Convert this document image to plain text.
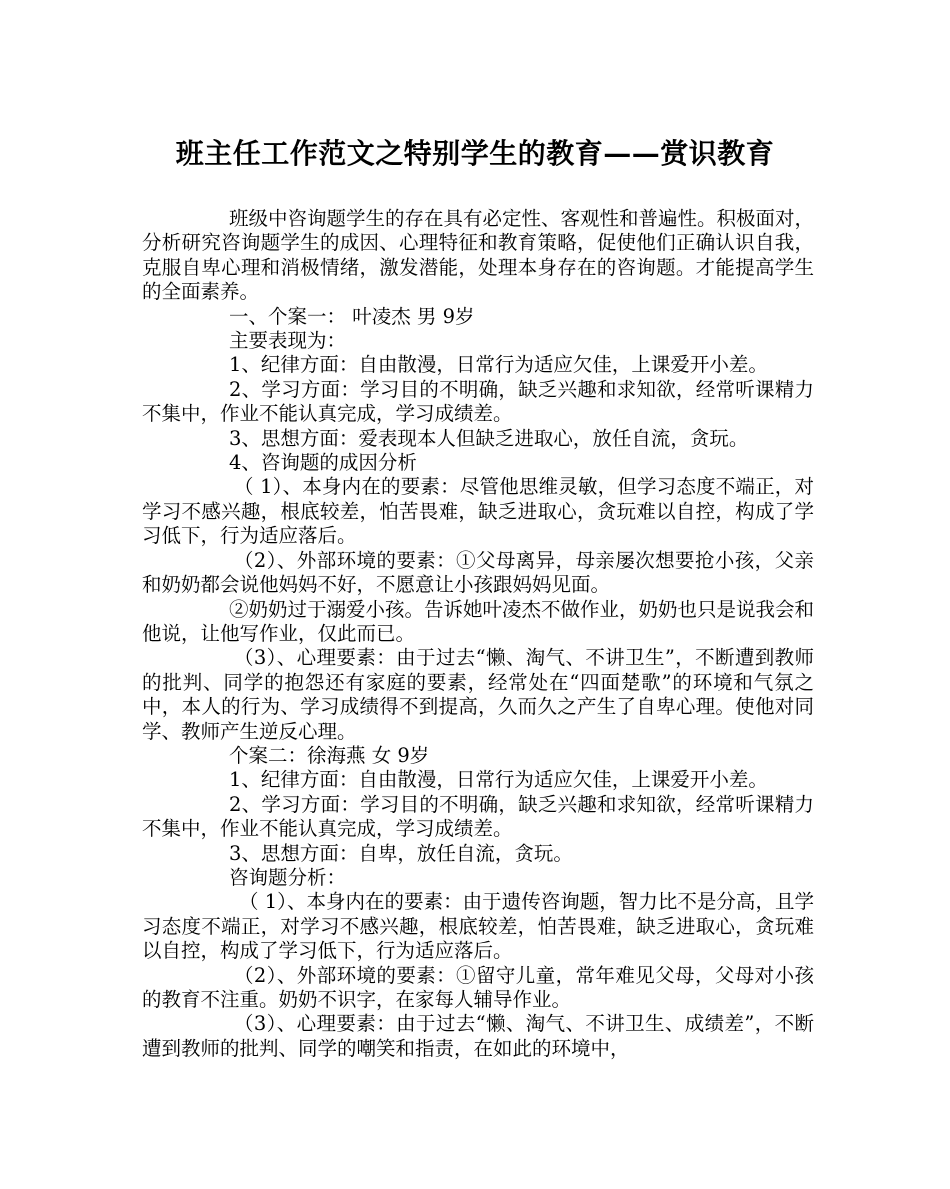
班主任工作范文之特别学生的教育——赏识教育

班级中咨询题学生的存在具有必定性、客观性和普遍性。积极面对，分析研究咨询题学生的成因、心理特征和教育策略，促使他们正确认识自我，克服自卑心理和消极情绪，激发潜能，处理本身存在的咨询题。才能提高学生的全面素养。

一、个案一： 叶凌杰 男 9岁

主要表现为：

1、纪律方面：自由散漫，日常行为适应欠佳，上课爱开小差。

2、学习方面：学习目的不明确，缺乏兴趣和求知欲，经常听课精力不集中，作业不能认真完成，学习成绩差。

3、思想方面：爱表现本人但缺乏进取心，放任自流，贪玩。

4、咨询题的成因分析

（ 1）、本身内在的要素：尽管他思维灵敏，但学习态度不端正，对学习不感兴趣，根底较差，怕苦畏难，缺乏进取心，贪玩难以自控，构成了学习低下，行为适应落后。

（2）、外部环境的要素：①父母离异，母亲屡次想要抢小孩，父亲和奶奶都会说他妈妈不好，不愿意让小孩跟妈妈见面。

②奶奶过于溺爱小孩。告诉她叶凌杰不做作业，奶奶也只是说我会和他说，让他写作业，仅此而已。

（3）、心理要素：由于过去“懒、淘气、不讲卫生”，不断遭到教师的批判、同学的抱怨还有家庭的要素，经常处在“四面楚歌”的环境和气氛之中，本人的行为、学习成绩得不到提高，久而久之产生了自卑心理。使他对同学、教师产生逆反心理。

个案二：徐海燕 女 9岁

1、纪律方面：自由散漫，日常行为适应欠佳，上课爱开小差。

2、学习方面：学习目的不明确，缺乏兴趣和求知欲，经常听课精力不集中，作业不能认真完成，学习成绩差。

3、思想方面：自卑，放任自流，贪玩。

咨询题分析：

（ 1）、本身内在的要素：由于遗传咨询题，智力比不是分高，且学习态度不端正，对学习不感兴趣，根底较差，怕苦畏难，缺乏进取心，贪玩难以自控，构成了学习低下，行为适应落后。

（2）、外部环境的要素：①留守儿童，常年难见父母，父母对小孩的教育不注重。奶奶不识字，在家每人辅导作业。

（3）、心理要素：由于过去“懒、淘气、不讲卫生、成绩差”，不断遭到教师的批判、同学的嘲笑和指责，在如此的环境中，
